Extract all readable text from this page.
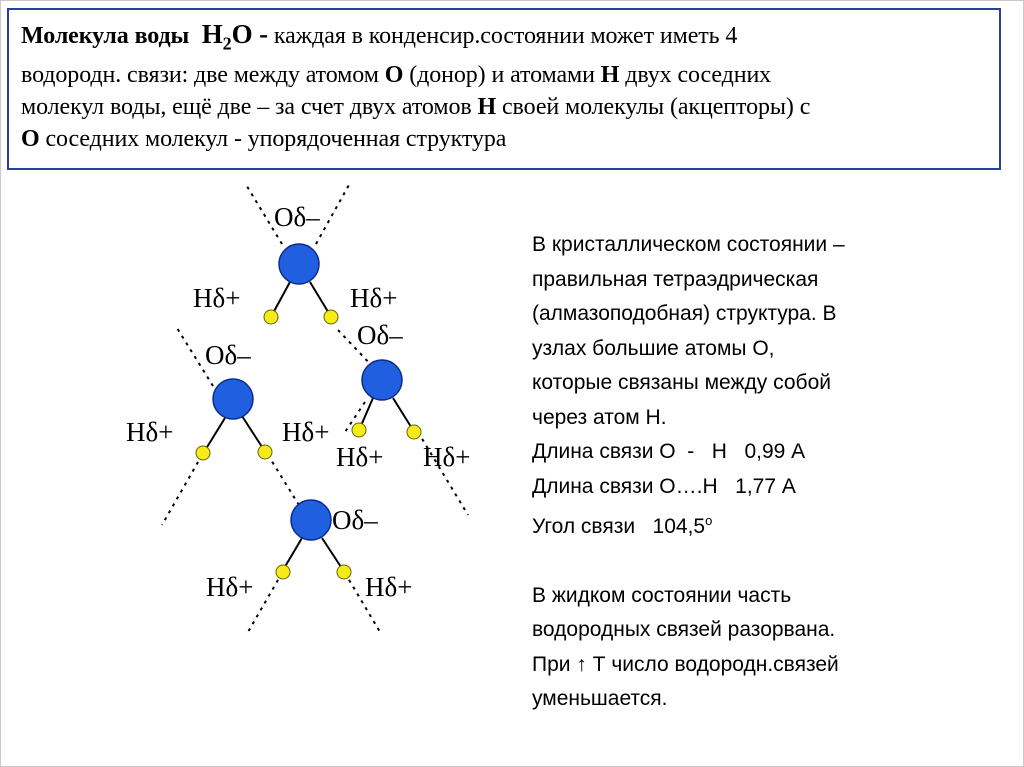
Молекула воды $H_2O$ - каждая в конденсир.состоянии может иметь 4
водородн. связи: две между атомом O (донор) и атомами H двух соседних
молекул воды, ещё две – за счет двух атомов H своей молекулы (акцепторы) с
O соседних молекул - упорядоченная структура
Oδ–
Hδ+	Hδ+
Oδ–
Oδ–
Hδ+	Hδ+
Hδ+ Hδ+
Oδ–
Hδ+	Hδ+
В кристаллическом состоянии –
правильная тетраэдрическая
(алмазоподобная) структура. В
узлах большие атомы О,
которые связаны между собой
через атом Н.
Длина связи О  -   Н   0,99 А
Длина связи О….Н   1,77 А
Угол связи   $104,5^о$
В жидком состоянии часть
водородных связей разорвана.
При ↑ Т число водородн.связей
уменьшается.
